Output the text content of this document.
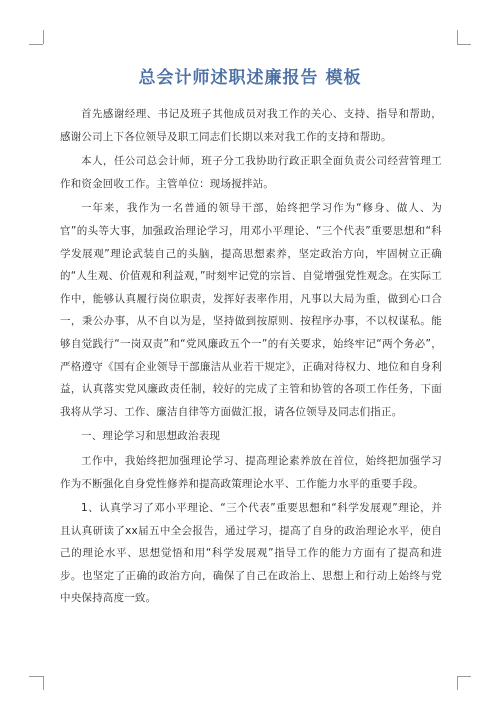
总会计师述职述廉报告 模板

首先感谢经理、书记及班子其他成员对我工作的关心、支持、指导和帮助，感谢公司上下各位领导及职工同志们长期以来对我工作的支持和帮助。

本人，任公司总会计师，班子分工我协助行政正职全面负责公司经营管理工作和资金回收工作。主管单位：现场搅拌站。

一年来，我作为一名普通的领导干部，始终把学习作为“修身、做人、为官”的头等大事，加强政治理论学习，用邓小平理论、“三个代表”重要思想和“科学发展观”理论武装自己的头脑，提高思想素养，坚定政治方向，牢固树立正确的“人生观、价值观和利益观，”时刻牢记党的宗旨、自觉增强党性观念。在实际工作中，能够认真履行岗位职责，发挥好表率作用，凡事以大局为重，做到心口合一，秉公办事，从不自以为是，坚持做到按原则、按程序办事，不以权谋私。能够自觉践行“一岗双责”和“党风廉政五个一”的有关要求，始终牢记“两个务必”，严格遵守《国有企业领导干部廉洁从业若干规定》，正确对待权力、地位和自身利益，认真落实党风廉政责任制，较好的完成了主管和协管的各项工作任务，下面我将从学习、工作、廉洁自律等方面做汇报，请各位领导及同志们指正。

一、理论学习和思想政治表现

工作中，我始终把加强理论学习、提高理论素养放在首位，始终把加强学习作为不断强化自身党性修养和提高政策理论水平、工作能力水平的重要手段。

1、认真学习了邓小平理论、“三个代表”重要思想和“科学发展观”理论，并且认真研读了xx届五中全会报告，通过学习，提高了自身的政治理论水平，使自己的理论水平、思想觉悟和用“科学发展观”指导工作的能力方面有了提高和进步。也坚定了正确的政治方向，确保了自己在政治上、思想上和行动上始终与党中央保持高度一致。
